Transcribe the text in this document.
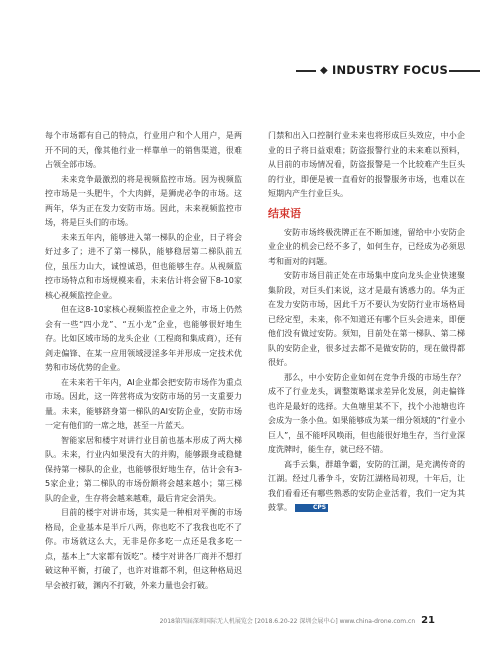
◆ INDUSTRY FOCUS

每个市场都有自己的特点，行业用户和个人用户，是两开不同的天，像其他行业一样靠单一的销售渠道，很难占领全部市场。

未来竞争最激烈的将是视频监控市场。因为视频监控市场是一头肥牛，个大肉鲜，是狮虎必争的市场。这两年，华为正在发力安防市场。因此，未来视频监控市场，将是巨头们的市场。

未来五年内，能够进入第一梯队的企业，日子将会好过多了；进不了第一梯队，能够稳居第二梯队前五位，虽压力山大，诚惶诚恐，但也能够生存。从视频监控市场特点和市场规模来看，未来估计将会留下8-10家核心视频监控企业。

但在这8-10家核心视频监控企业之外，市场上仍然会有一些“四小龙”、“五小龙”企业，也能够很好地生存。比如区域市场的龙头企业（工程商和集成商），还有剑走偏锋、在某一应用领域浸淫多年并形成一定技术优势和市场优势的企业。

在未来若干年内，AI企业都会把安防市场作为重点市场。因此，这一阵营将成为安防市场的另一支重要力量。未来，能够跻身第一梯队的AI安防企业，安防市场一定有他们的一席之地，甚至一片蓝天。

智能家居和楼宇对讲行业目前也基本形成了两大梯队。未来，行业内如果没有大的并购，能够跟身或稳健保持第一梯队的企业，也能够很好地生存，估计会有3-5家企业；第二梯队的市场份额将会越来越小；第三梯队的企业，生存将会越来越难，最后肯定会消失。

目前的楼宇对讲市场，其实是一种相对平衡的市场格局，企业基本是半斤八两，你也吃不了我我也吃不了你。市场就这么大，无非是你多吃一点还是我多吃一点，基本上“大家都有饭吃”。楼宇对讲各厂商并不想打破这种平衡，打破了，也许对谁都不利，但这种格局迟早会被打破，渊内不打破，外来力量也会打破。

门禁和出入口控制行业未来也将形成巨头效应，中小企业的日子将日益艰难；防盗报警行业的未来难以预料，从目前的市场情况看，防盗报警是一个比较难产生巨头的行业，即便是被一直看好的报警服务市场，也难以在短期内产生行业巨头。

结束语

安防市场终极洗牌正在不断加速，留给中小安防企业企业的机会已经不多了，如何生存，已经成为必须思考和面对的问题。

安防市场目前正处在市场集中度向龙头企业快速聚集阶段，对巨头们来说，这才是最有诱惑力的。华为正在发力安防市场，因此千万不要认为安防行业市场格局已经定型，未来，你不知道还有哪个巨头会进来，即便他们没有做过安防。须知，目前处在第一梯队、第二梯队的安防企业，很多过去都不是做安防的，现在做得都很好。

那么，中小安防企业如何在竞争升级的市场生存？成不了行业龙头，调整策略谋求差异化发展，剑走偏锋也许是最好的选择。大鱼塘里某不下，找个小池塘也许会成为一条小鱼。如果能够成为某一细分领域的“行业小巨人”，虽不能呼风唤雨，但也能很好地生存，当行业深度洗牌时，能生存，就已经不错。

高手云集，群雄争霸，安防的江湖，是充满传奇的江湖。经过几番争斗，安防江湖格局初现，十年后，让我们看看还有哪些熟悉的安防企业活着，我们一定为其鼓掌。	CPS

2018第四届深圳国际无人机展览会 [2018.6.20-22 深圳会展中心] www.china-drone.com.cn 21
